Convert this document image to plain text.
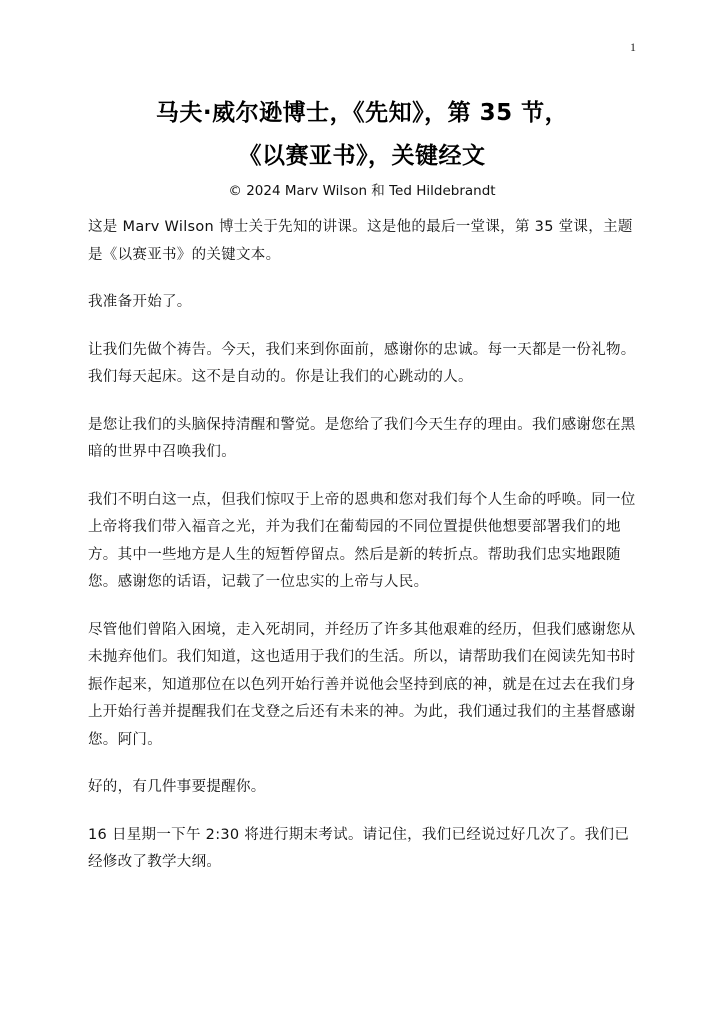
1
马夫·威尔逊博士，《先知》，第 35 节，
《以赛亚书》，关键经文
© 2024 Marv Wilson 和 Ted Hildebrandt

这是 Marv Wilson 博士关于先知的讲课。这是他的最后一堂课，第 35 堂课，主题是《以赛亚书》的关键文本。

我准备开始了。

让我们先做个祷告。今天，我们来到你面前，感谢你的忠诚。每一天都是一份礼物。我们每天起床。这不是自动的。你是让我们的心跳动的人。

是您让我们的头脑保持清醒和警觉。是您给了我们今天生存的理由。我们感谢您在黑暗的世界中召唤我们。

我们不明白这一点，但我们惊叹于上帝的恩典和您对我们每个人生命的呼唤。同一位上帝将我们带入福音之光，并为我们在葡萄园的不同位置提供他想要部署我们的地方。其中一些地方是人生的短暂停留点。然后是新的转折点。帮助我们忠实地跟随您。感谢您的话语，记载了一位忠实的上帝与人民。

尽管他们曾陷入困境，走入死胡同，并经历了许多其他艰难的经历，但我们感谢您从未抛弃他们。我们知道，这也适用于我们的生活。所以，请帮助我们在阅读先知书时振作起来，知道那位在以色列开始行善并说他会坚持到底的神，就是在过去在我们身上开始行善并提醒我们在戈登之后还有未来的神。为此，我们通过我们的主基督感谢您。阿门。

好的，有几件事要提醒你。

16 日星期一下午 2:30 将进行期末考试。请记住，我们已经说过好几次了。我们已经修改了教学大纲。
